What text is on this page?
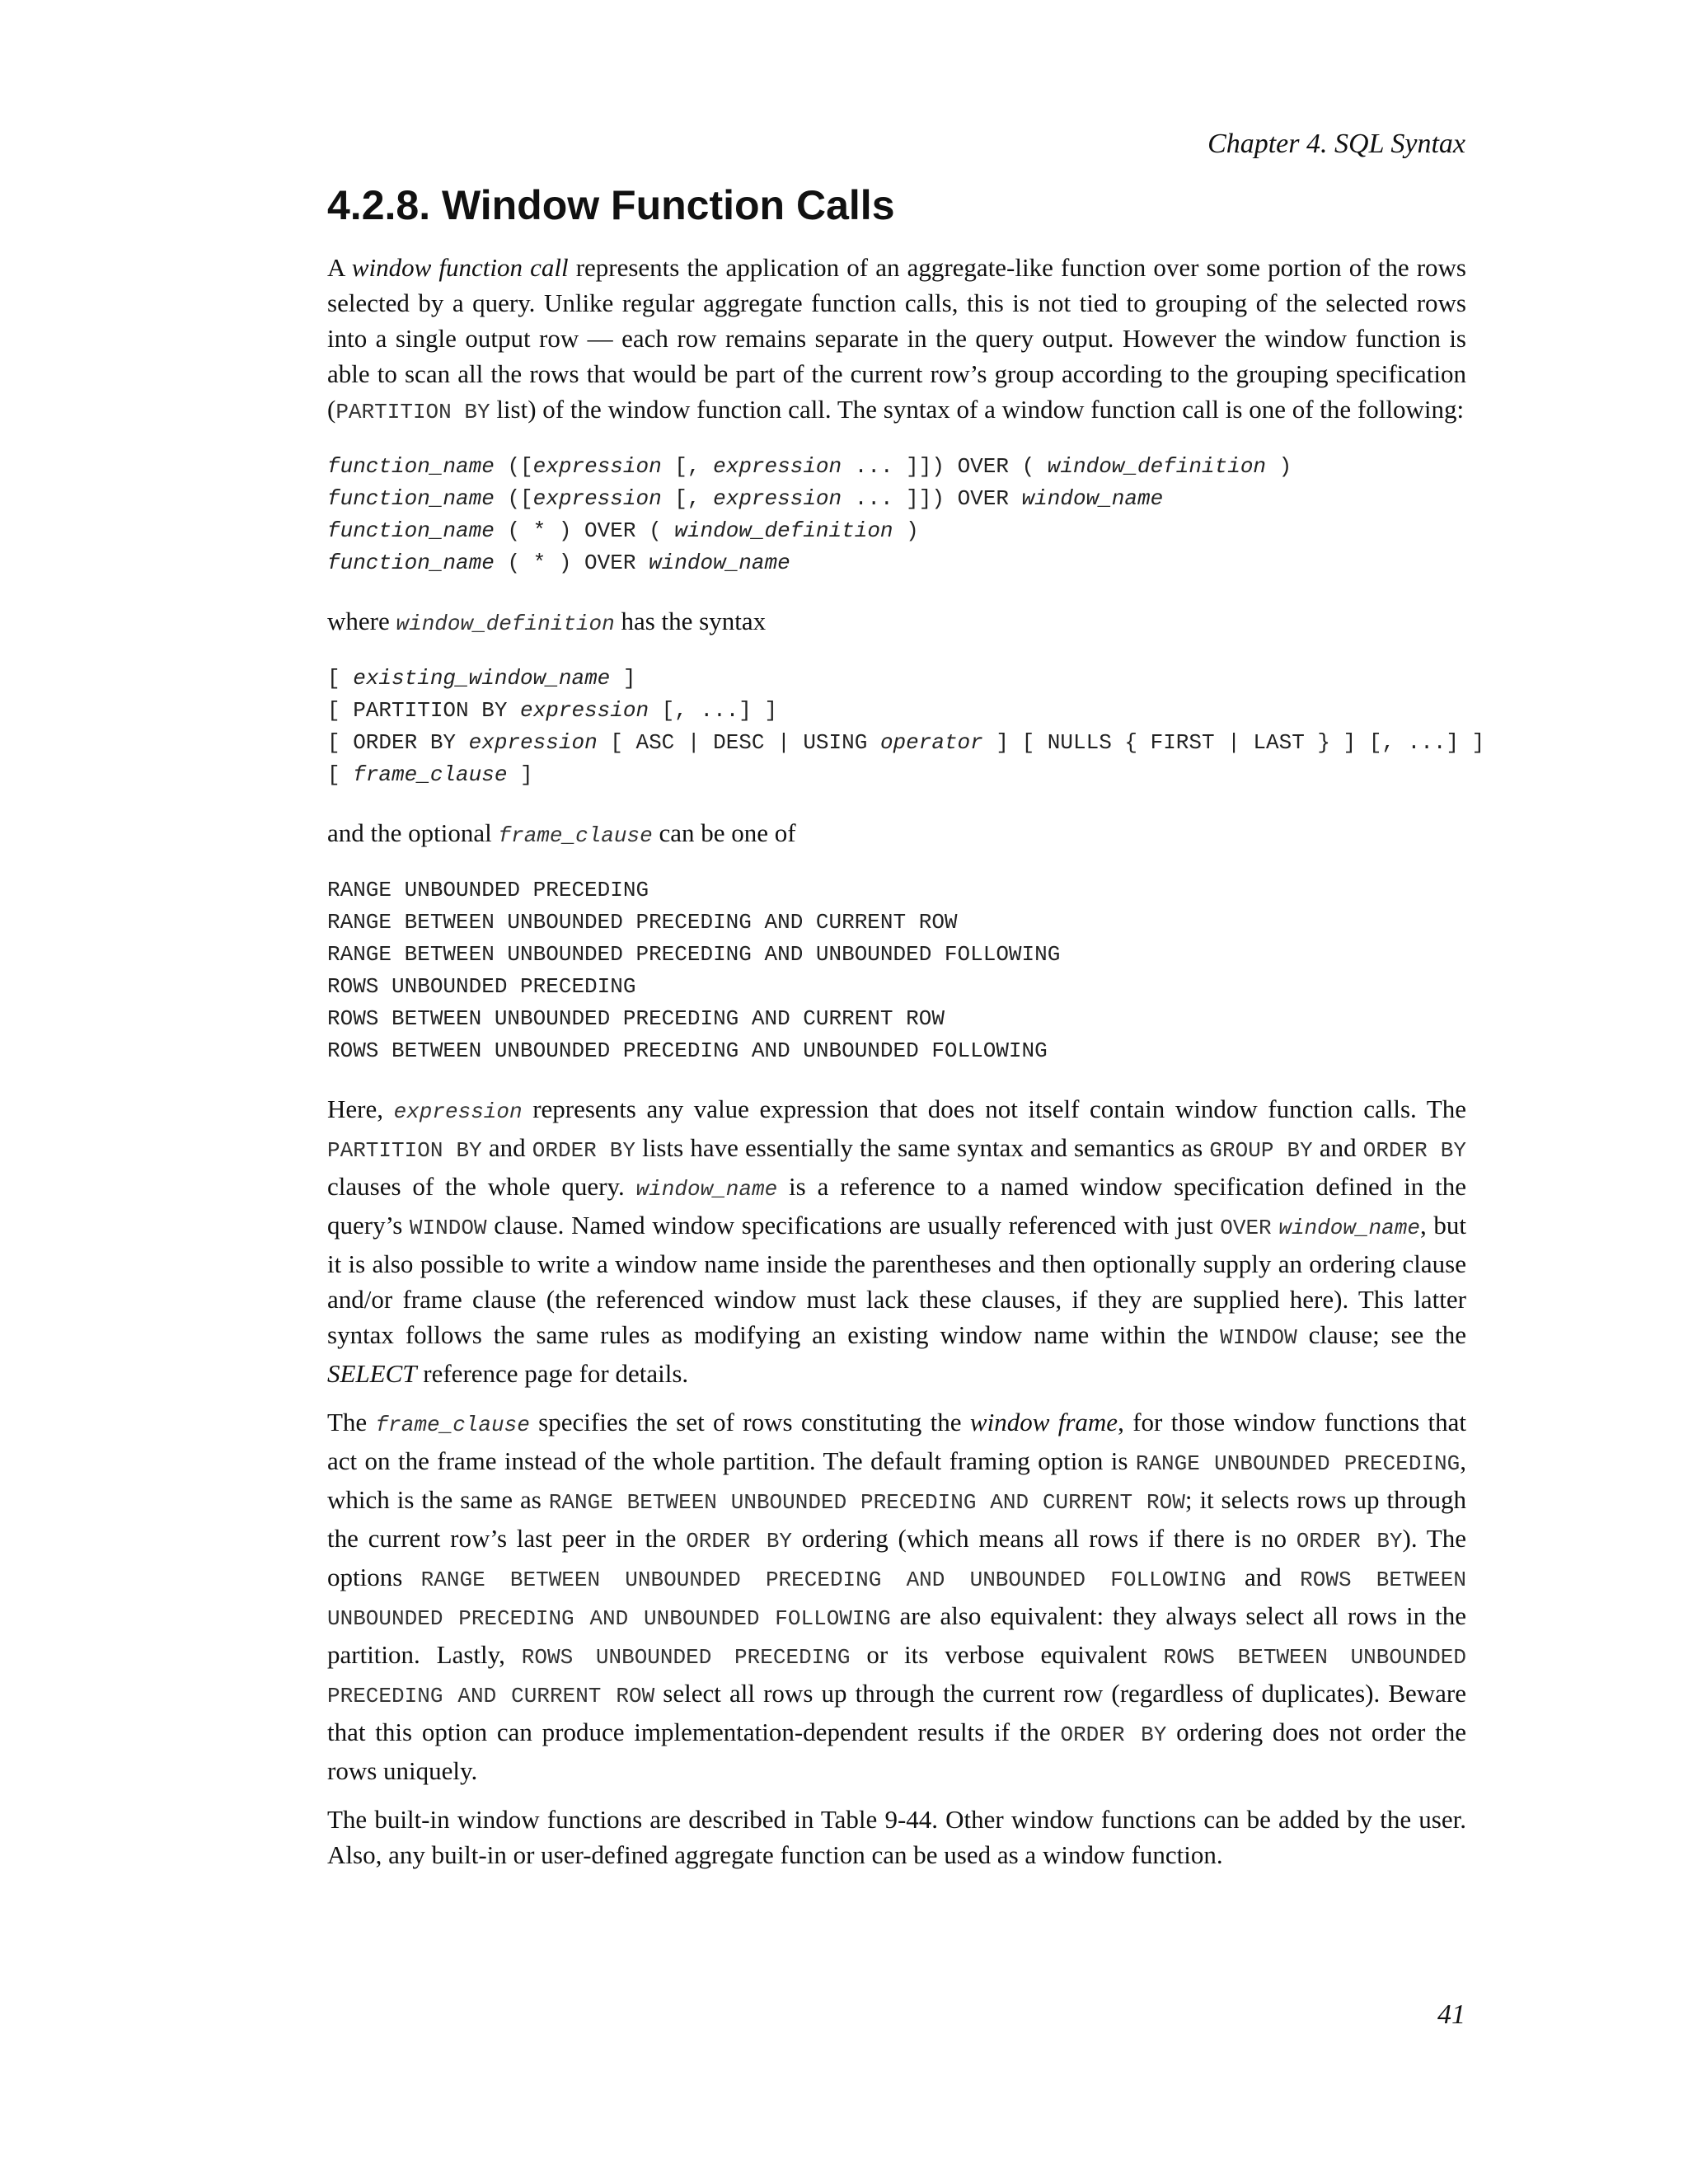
Chapter 4. SQL Syntax
4.2.8. Window Function Calls

A window function call represents the application of an aggregate-like function over some portion of the rows selected by a query. Unlike regular aggregate function calls, this is not tied to grouping of the selected rows into a single output row — each row remains separate in the query output. However the window function is able to scan all the rows that would be part of the current row’s group according to the grouping specification (PARTITION BY list) of the window function call. The syntax of a window function call is one of the following:

function_name ([expression [, expression ... ]]) OVER ( window_definition )
function_name ([expression [, expression ... ]]) OVER window_name
function_name ( * ) OVER ( window_definition )
function_name ( * ) OVER window_name

where window_definition has the syntax

[ existing_window_name ]
[ PARTITION BY expression [, ...] ]
[ ORDER BY expression [ ASC | DESC | USING operator ] [ NULLS { FIRST | LAST } ] [, ...] ]
[ frame_clause ]

and the optional frame_clause can be one of

RANGE UNBOUNDED PRECEDING
RANGE BETWEEN UNBOUNDED PRECEDING AND CURRENT ROW
RANGE BETWEEN UNBOUNDED PRECEDING AND UNBOUNDED FOLLOWING
ROWS UNBOUNDED PRECEDING
ROWS BETWEEN UNBOUNDED PRECEDING AND CURRENT ROW
ROWS BETWEEN UNBOUNDED PRECEDING AND UNBOUNDED FOLLOWING

Here, expression represents any value expression that does not itself contain window function calls. The PARTITION BY and ORDER BY lists have essentially the same syntax and semantics as GROUP BY and ORDER BY clauses of the whole query. window_name is a reference to a named window specification defined in the query’s WINDOW clause. Named window specifications are usually referenced with just OVER window_name, but it is also possible to write a window name inside the parentheses and then optionally supply an ordering clause and/or frame clause (the referenced window must lack these clauses, if they are supplied here). This latter syntax follows the same rules as modifying an existing window name within the WINDOW clause; see the SELECT reference page for details.

The frame_clause specifies the set of rows constituting the window frame, for those window functions that act on the frame instead of the whole partition. The default framing option is RANGE UNBOUNDED PRECEDING, which is the same as RANGE BETWEEN UNBOUNDED PRECEDING AND CURRENT ROW; it selects rows up through the current row’s last peer in the ORDER BY ordering (which means all rows if there is no ORDER BY). The options RANGE BETWEEN UNBOUNDED PRECEDING AND UNBOUNDED FOLLOWING and ROWS BETWEEN UNBOUNDED PRECEDING AND UNBOUNDED FOLLOWING are also equivalent: they always select all rows in the partition. Lastly, ROWS UNBOUNDED PRECEDING or its verbose equivalent ROWS BETWEEN UNBOUNDED PRECEDING AND CURRENT ROW select all rows up through the current row (regardless of duplicates). Beware that this option can produce implementation-dependent results if the ORDER BY ordering does not order the rows uniquely.

The built-in window functions are described in Table 9-44. Other window functions can be added by the user. Also, any built-in or user-defined aggregate function can be used as a window function.

41
